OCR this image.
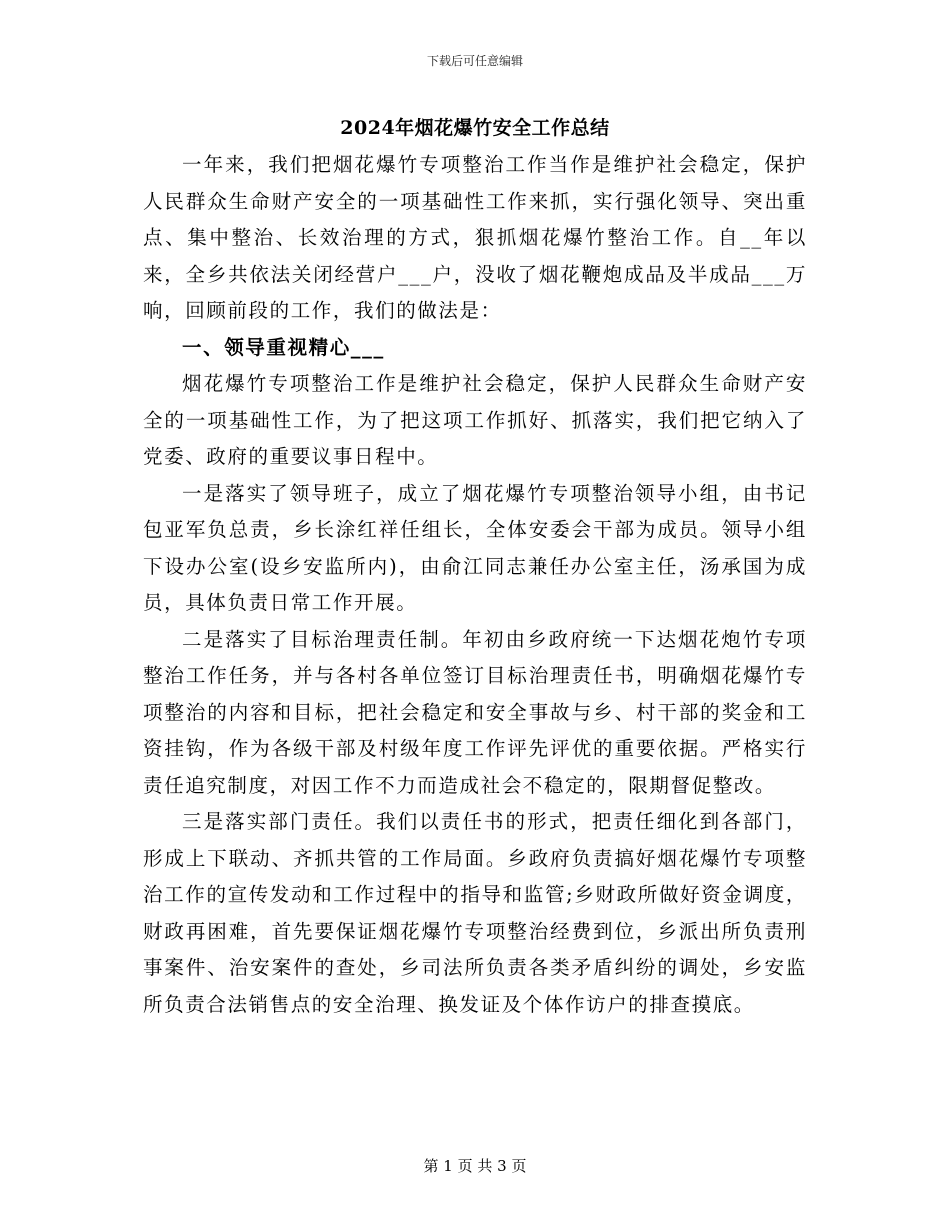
下载后可任意编辑
2024年烟花爆竹安全工作总结

一年来，我们把烟花爆竹专项整治工作当作是维护社会稳定，保护人民群众生命财产安全的一项基础性工作来抓，实行强化领导、突出重点、集中整治、长效治理的方式，狠抓烟花爆竹整治工作。自__年以来，全乡共依法关闭经营户___户，没收了烟花鞭炮成品及半成品___万响，回顾前段的工作，我们的做法是：

一、领导重视精心___

烟花爆竹专项整治工作是维护社会稳定，保护人民群众生命财产安全的一项基础性工作，为了把这项工作抓好、抓落实，我们把它纳入了党委、政府的重要议事日程中。

一是落实了领导班子，成立了烟花爆竹专项整治领导小组，由书记包亚军负总责，乡长涂红祥任组长，全体安委会干部为成员。领导小组下设办公室(设乡安监所内)，由俞江同志兼任办公室主任，汤承国为成员，具体负责日常工作开展。

二是落实了目标治理责任制。年初由乡政府统一下达烟花炮竹专项整治工作任务，并与各村各单位签订目标治理责任书，明确烟花爆竹专项整治的内容和目标，把社会稳定和安全事故与乡、村干部的奖金和工资挂钩，作为各级干部及村级年度工作评先评优的重要依据。严格实行责任追究制度，对因工作不力而造成社会不稳定的，限期督促整改。

三是落实部门责任。我们以责任书的形式，把责任细化到各部门，形成上下联动、齐抓共管的工作局面。乡政府负责搞好烟花爆竹专项整治工作的宣传发动和工作过程中的指导和监管;乡财政所做好资金调度，财政再困难，首先要保证烟花爆竹专项整治经费到位，乡派出所负责刑事案件、治安案件的查处，乡司法所负责各类矛盾纠纷的调处，乡安监所负责合法销售点的安全治理、换发证及个体作访户的排查摸底。

第 1 页 共 3 页
